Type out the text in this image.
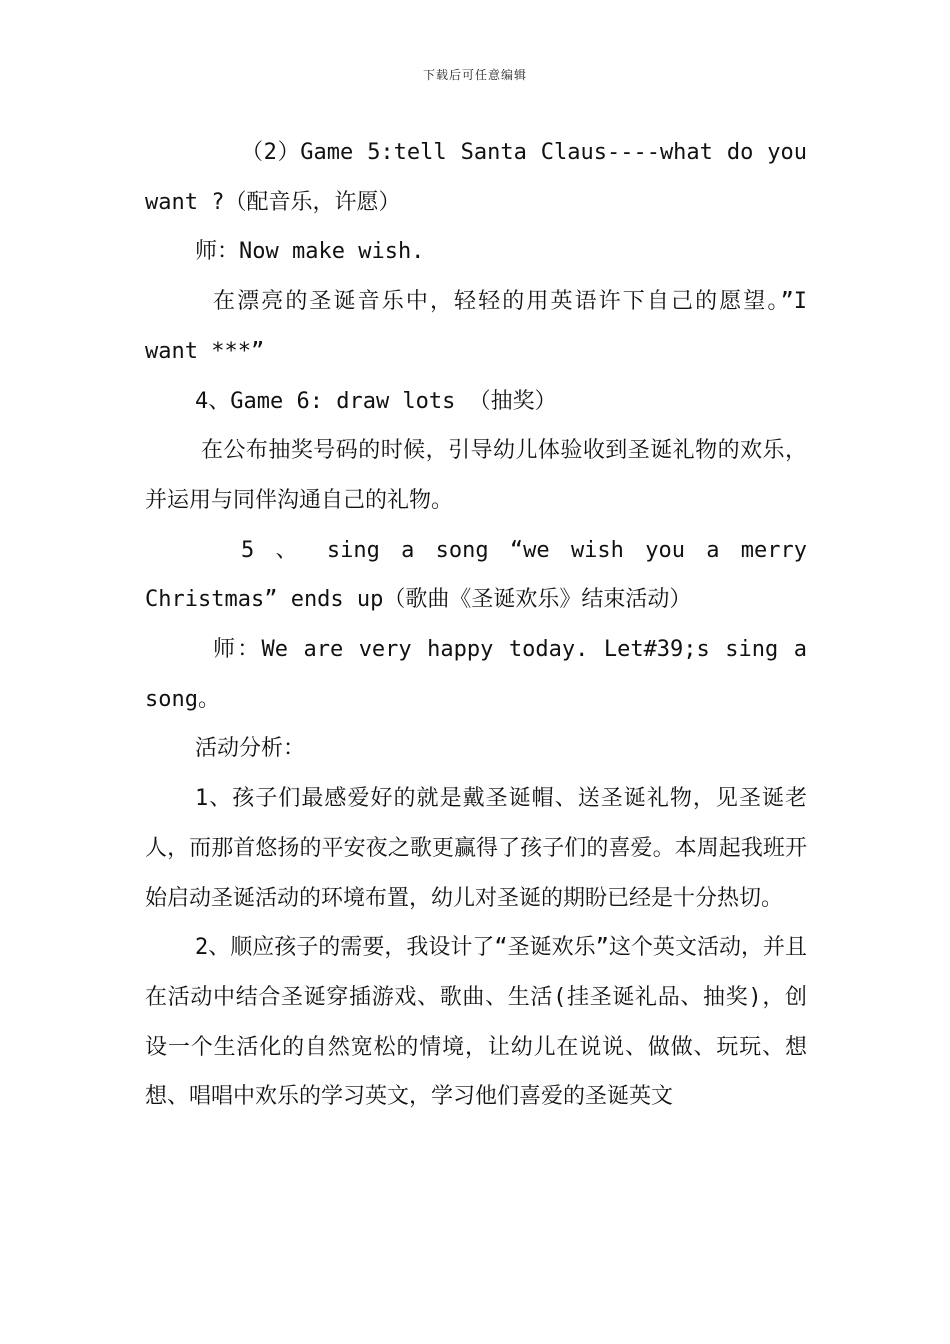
下载后可任意编辑

（2）Game 5:tell Santa Claus----what do you want ?（配音乐，许愿）

师：Now make wish.

在漂亮的圣诞音乐中，轻轻的用英语许下自己的愿望。”I want ***”

4、Game 6: draw lots （抽奖）

在公布抽奖号码的时候，引导幼儿体验收到圣诞礼物的欢乐，并运用与同伴沟通自己的礼物。

5 、 sing a song “we wish you a merry Christmas” ends up（歌曲《圣诞欢乐》结束活动）

师：We are very happy today. Let#39;s sing a song。

活动分析：

1、孩子们最感爱好的就是戴圣诞帽、送圣诞礼物，见圣诞老人，而那首悠扬的平安夜之歌更赢得了孩子们的喜爱。本周起我班开始启动圣诞活动的环境布置，幼儿对圣诞的期盼已经是十分热切。

2、顺应孩子的需要，我设计了“圣诞欢乐”这个英文活动，并且在活动中结合圣诞穿插游戏、歌曲、生活(挂圣诞礼品、抽奖)，创设一个生活化的自然宽松的情境，让幼儿在说说、做做、玩玩、想想、唱唱中欢乐的学习英文，学习他们喜爱的圣诞英文
